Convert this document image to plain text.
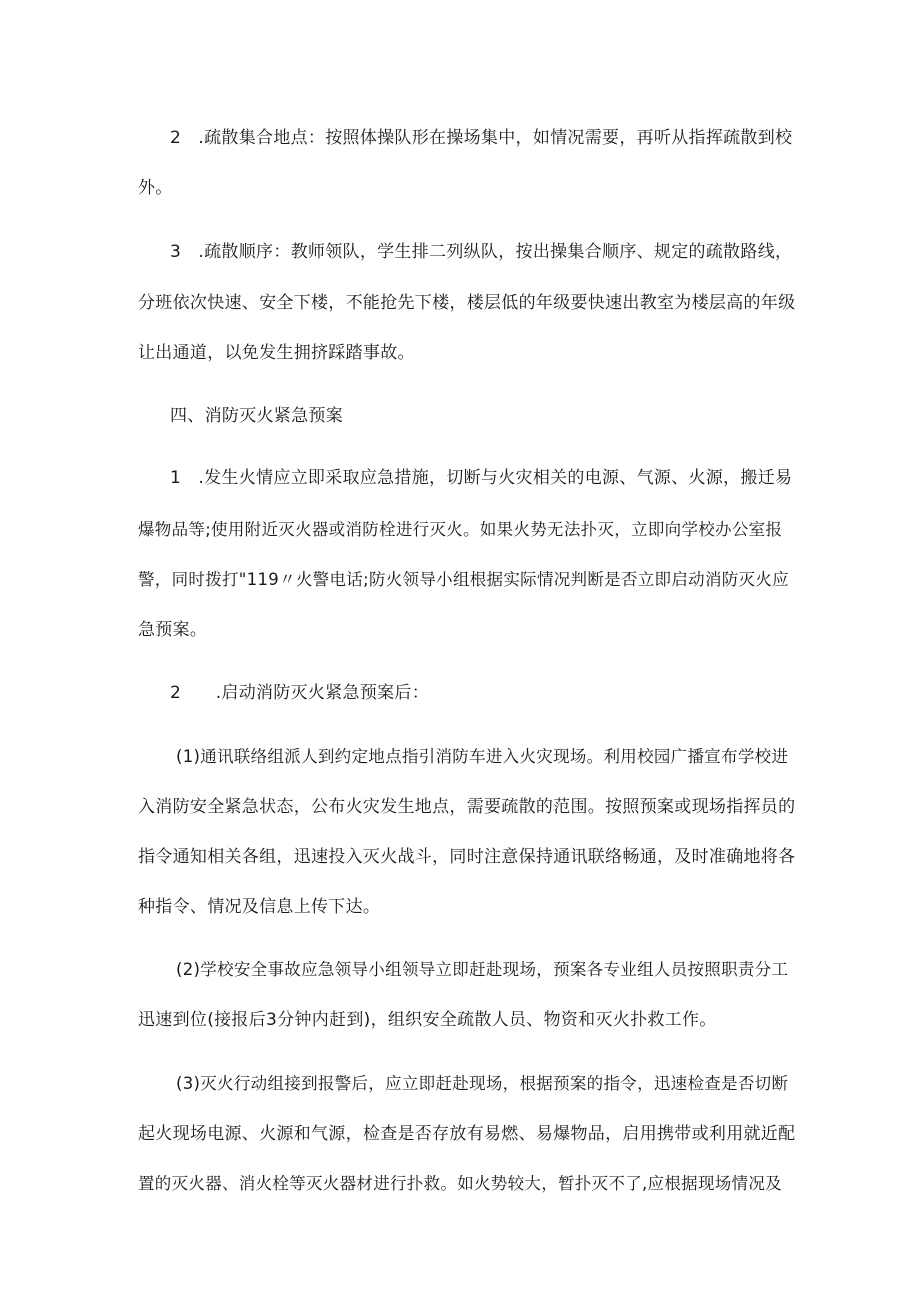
2　.疏散集合地点：按照体操队形在操场集中，如情况需要，再听从指挥疏散到校
外。
3　.疏散顺序：教师领队，学生排二列纵队，按出操集合顺序、规定的疏散路线，
分班依次快速、安全下楼，不能抢先下楼，楼层低的年级要快速出教室为楼层高的年级
让出通道，以免发生拥挤踩踏事故。
四、消防灭火紧急预案
1　.发生火情应立即采取应急措施，切断与火灾相关的电源、气源、火源，搬迁易
爆物品等;使用附近灭火器或消防栓进行灭火。如果火势无法扑灭，立即向学校办公室报
警，同时拨打"119〃火警电话;防火领导小组根据实际情况判断是否立即启动消防灭火应
急预案。
2　　.启动消防灭火紧急预案后：
(1)通讯联络组派人到约定地点指引消防车进入火灾现场。利用校园广播宣布学校进
入消防安全紧急状态，公布火灾发生地点，需要疏散的范围。按照预案或现场指挥员的
指令通知相关各组，迅速投入灭火战斗，同时注意保持通讯联络畅通，及时准确地将各
种指令、情况及信息上传下达。
(2)学校安全事故应急领导小组领导立即赶赴现场，预案各专业组人员按照职责分工
迅速到位(接报后3分钟内赶到)，组织安全疏散人员、物资和灭火扑救工作。
(3)灭火行动组接到报警后，应立即赶赴现场，根据预案的指令，迅速检查是否切断
起火现场电源、火源和气源，检查是否存放有易燃、易爆物品，启用携带或利用就近配
置的灭火器、消火栓等灭火器材进行扑救。如火势较大，暂扑灭不了,应根据现场情况及
